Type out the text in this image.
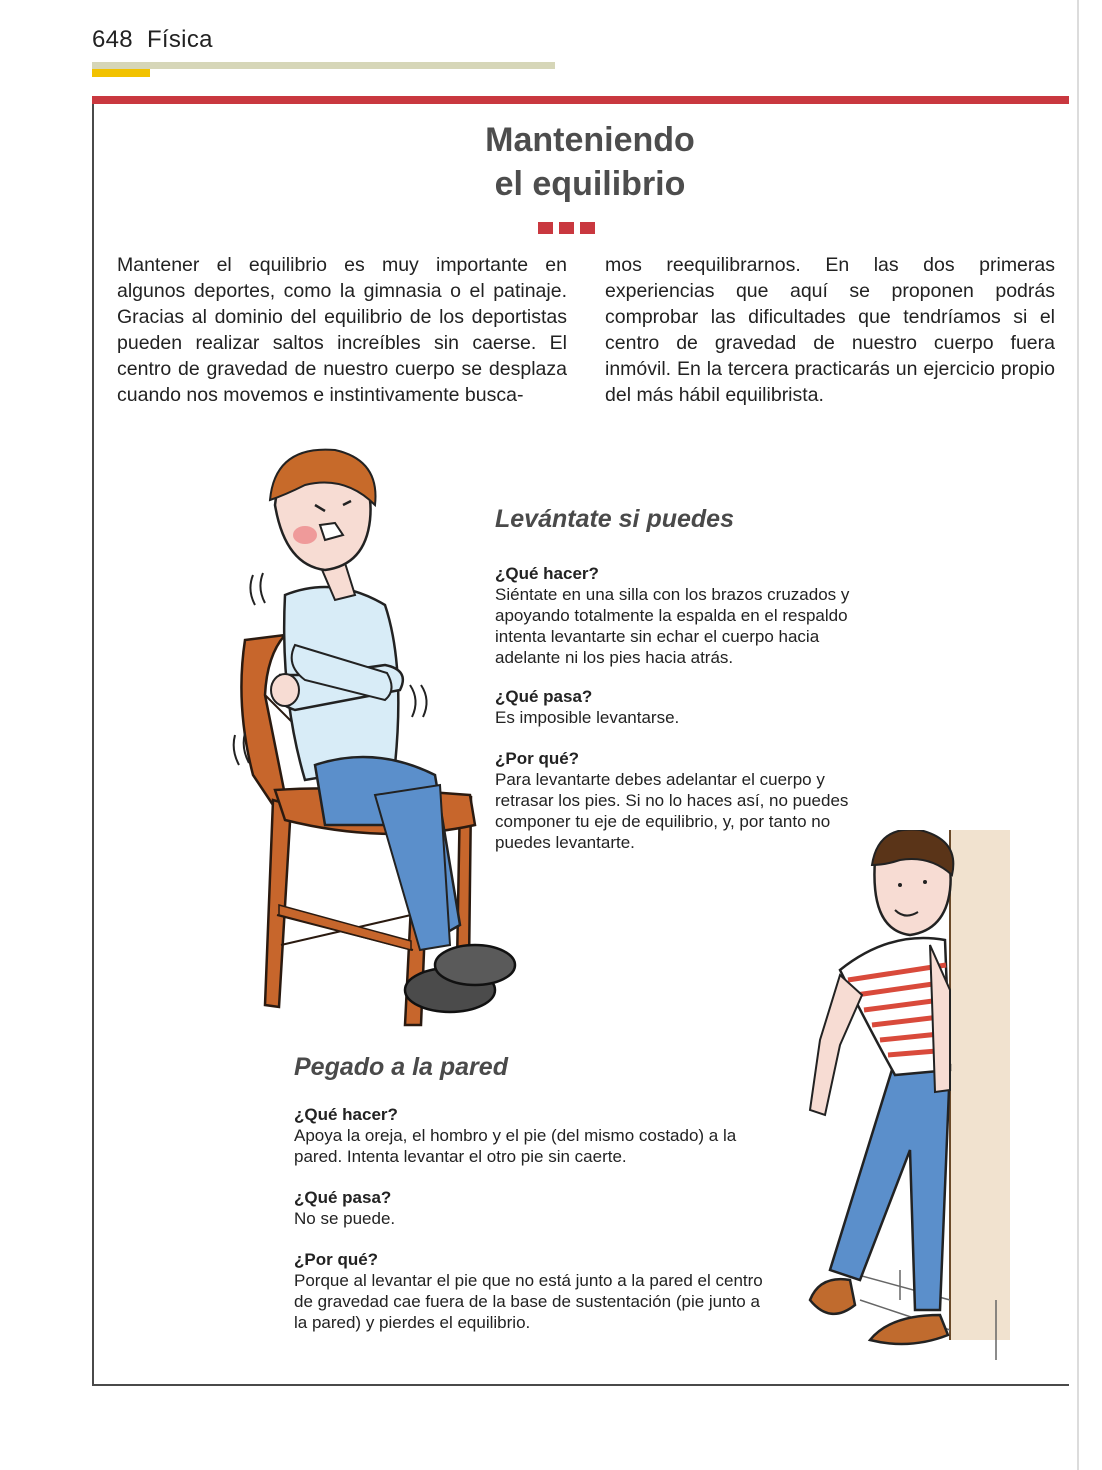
648 Física
Manteniendo
el equilibrio
Mantener el equilibrio es muy importante en algunos deportes, como la gimnasia o el patinaje. Gracias al dominio del equilibrio de los deportistas pueden realizar saltos increíbles sin caerse. El centro de gravedad de nuestro cuerpo se desplaza cuando nos movemos e instintivamente busca-
mos reequilibrarnos. En las dos primeras experiencias que aquí se proponen podrás comprobar las dificultades que tendríamos si el centro de gravedad de nuestro cuerpo fuera inmóvil. En la tercera practicarás un ejercicio propio del más hábil equilibrista.
Levántate si puedes
¿Qué hacer?
Siéntate en una silla con los brazos cruzados y apoyando totalmente la espalda en el respaldo intenta levantarte sin echar el cuerpo hacia adelante ni los pies hacia atrás.
¿Qué pasa?
Es imposible levantarse.
¿Por qué?
Para levantarte debes adelantar el cuerpo y retrasar los pies. Si no lo haces así, no puedes componer tu eje de equilibrio, y, por tanto no puedes levantarte.
Pegado a la pared
¿Qué hacer?
Apoya la oreja, el hombro y el pie (del mismo costado) a la pared. Intenta levantar el otro pie sin caerte.
¿Qué pasa?
No se puede.
¿Por qué?
Porque al levantar el pie que no está junto a la pared el centro de gravedad cae fuera de la base de sustentación (pie junto a la pared) y pierdes el equilibrio.
